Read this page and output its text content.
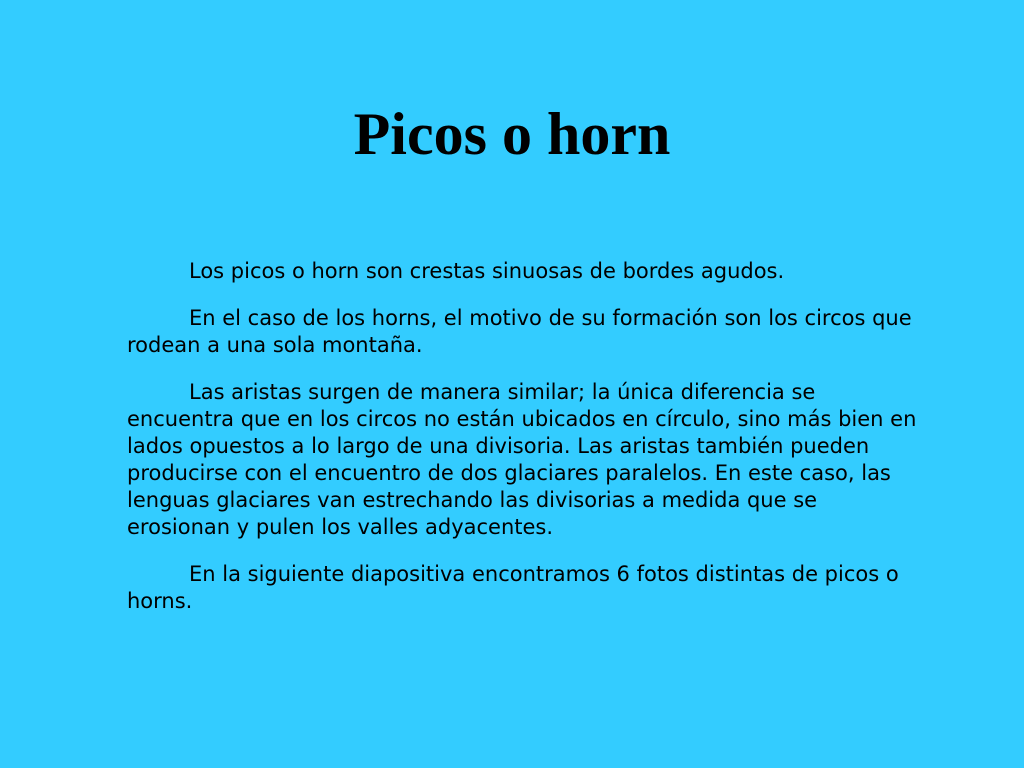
Picos o horn

Los picos o horn son crestas sinuosas de bordes agudos.

En el caso de los horns, el motivo de su formación son los circos que rodean a una sola montaña.

Las aristas surgen de manera similar; la única diferencia se encuentra que en los circos no están ubicados en círculo, sino más bien en lados opuestos a lo largo de una divisoria. Las aristas también pueden producirse con el encuentro de dos glaciares paralelos. En este caso, las lenguas glaciares van estrechando las divisorias a medida que se erosionan y pulen los valles adyacentes.

En la siguiente diapositiva encontramos 6 fotos distintas de picos o horns.
